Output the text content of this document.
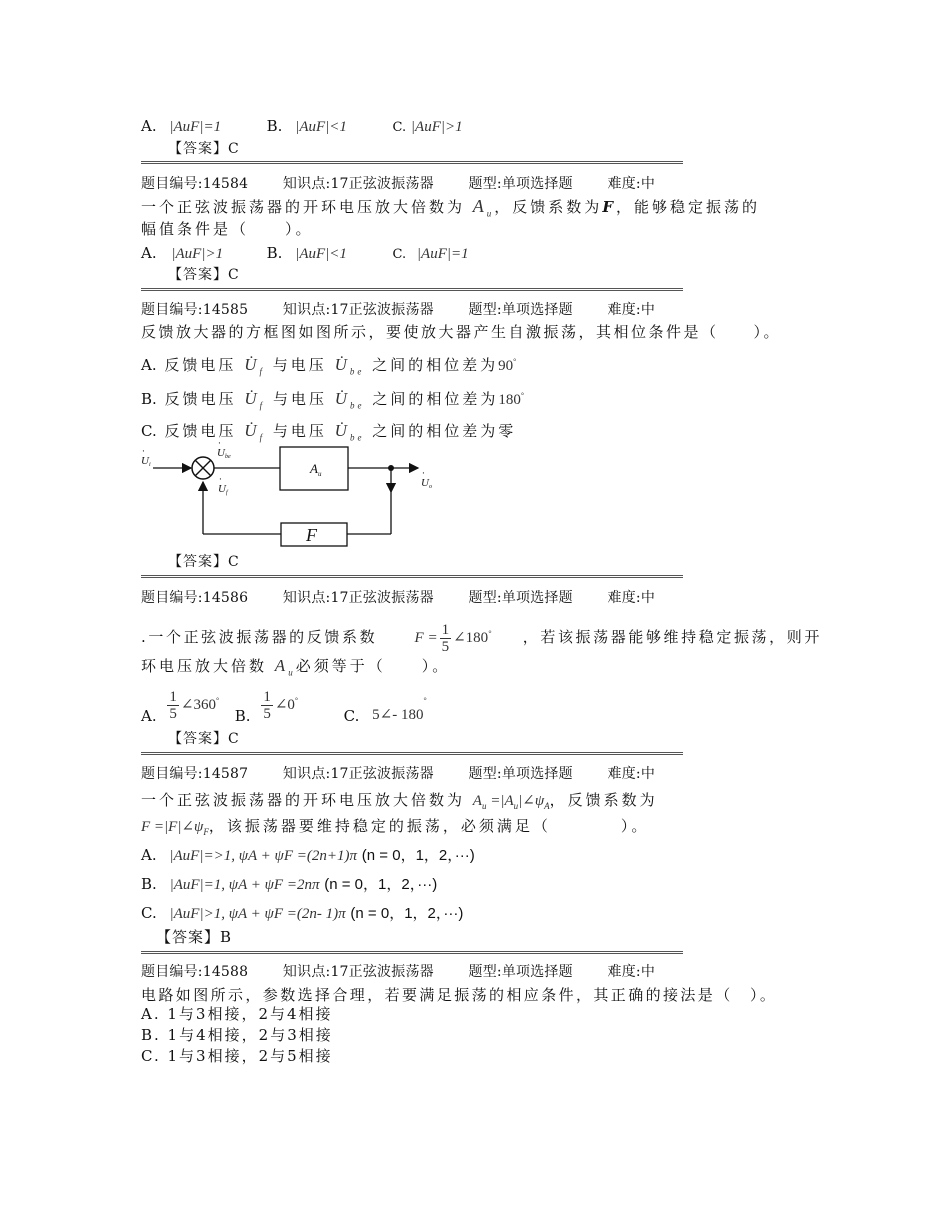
A. |AuF|=1	B. |AuF|<1	C. |AuF|>1
【答案】C
题目编号:14584 知识点:17正弦波振荡器 题型:单项选择题 难度:中
一个正弦波振荡器的开环电压放大倍数为 $A_u$，反馈系数为F，能够稳定振荡的
幅值条件是（　　）。
A. |AuF|>1	B. |AuF|<1	C. |AuF|=1
【答案】C
题目编号:14585 知识点:17正弦波振荡器 题型:单项选择题 难度:中
反馈放大器的方框图如图所示，要使放大器产生自激振荡，其相位条件是（　　）。
A. 反馈电压 $U̇_f$ 与电压 $U̇_{be}$ 之间的相位差为90°
B. 反馈电压 $U̇_f$ 与电压 $U̇_{be}$ 之间的相位差为180°
C. 反馈电压 $U̇_f$ 与电压 $U̇_{be}$ 之间的相位差为零
Ui
·	Ube
·
Uf
·	Uo
·
$A_u$
F
【答案】C
题目编号:14586 知识点:17正弦波振荡器 题型:单项选择题 难度:中
.一个正弦波振荡器的反馈系数 $F = \frac{1}{5}$ ∠180° ，若该振荡器能够维持稳定振荡，则开
环电压放大倍数 $A_u$必须等于（　　）。
A. $\frac{1}{5}$ ∠360°  B. $\frac{1}{5}$ ∠0°  C. 5∠- 180°
【答案】C
题目编号:14587 知识点:17正弦波振荡器 题型:单项选择题 难度:中
一个正弦波振荡器的开环电压放大倍数为 $A_u$ $=|A_u|\angle\psi_A$，反馈系数为
$F =|F|\angle\psi_F$，该振荡器要维持稳定的振荡，必须满足（	）。
A. |AuF|=>1, ψA + ψF =(2n+1)π (n = 0，1，2，···)
B. |AuF|=1, ψA + ψF =2nπ (n = 0，1，2，···)
C. |AuF|>1, ψA + ψF =(2n- 1)π (n = 0，1，2，···)
【答案】B
题目编号:14588 知识点:17正弦波振荡器 题型:单项选择题 难度:中
电路如图所示，参数选择合理，若要满足振荡的相应条件，其正确的接法是（　）。
A. 1与3相接，2与4相接
B. 1与4相接，2与3相接
C. 1与3相接，2与5相接
